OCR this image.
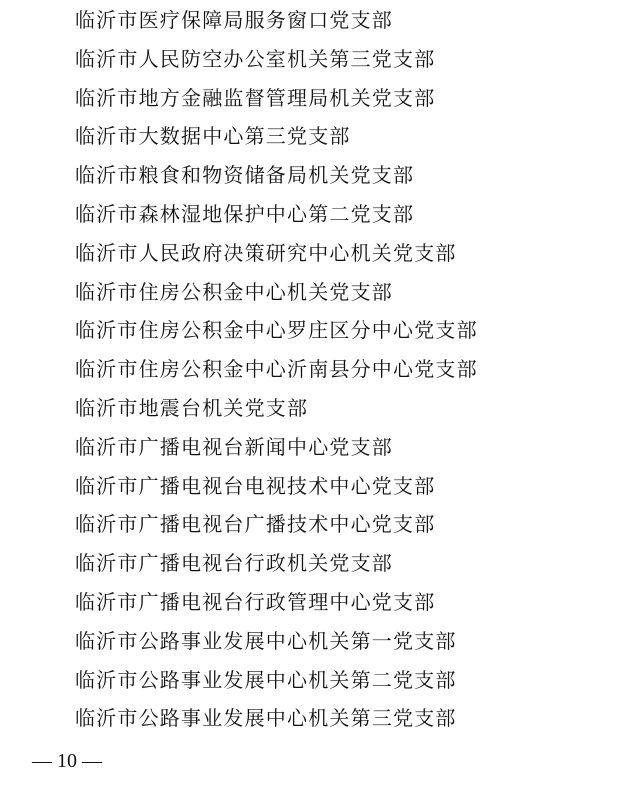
临沂市医疗保障局服务窗口党支部
临沂市人民防空办公室机关第三党支部
临沂市地方金融监督管理局机关党支部
临沂市大数据中心第三党支部
临沂市粮食和物资储备局机关党支部
临沂市森林湿地保护中心第二党支部
临沂市人民政府决策研究中心机关党支部
临沂市住房公积金中心机关党支部
临沂市住房公积金中心罗庄区分中心党支部
临沂市住房公积金中心沂南县分中心党支部
临沂市地震台机关党支部
临沂市广播电视台新闻中心党支部
临沂市广播电视台电视技术中心党支部
临沂市广播电视台广播技术中心党支部
临沂市广播电视台行政机关党支部
临沂市广播电视台行政管理中心党支部
临沂市公路事业发展中心机关第一党支部
临沂市公路事业发展中心机关第二党支部
临沂市公路事业发展中心机关第三党支部
— 10 —
